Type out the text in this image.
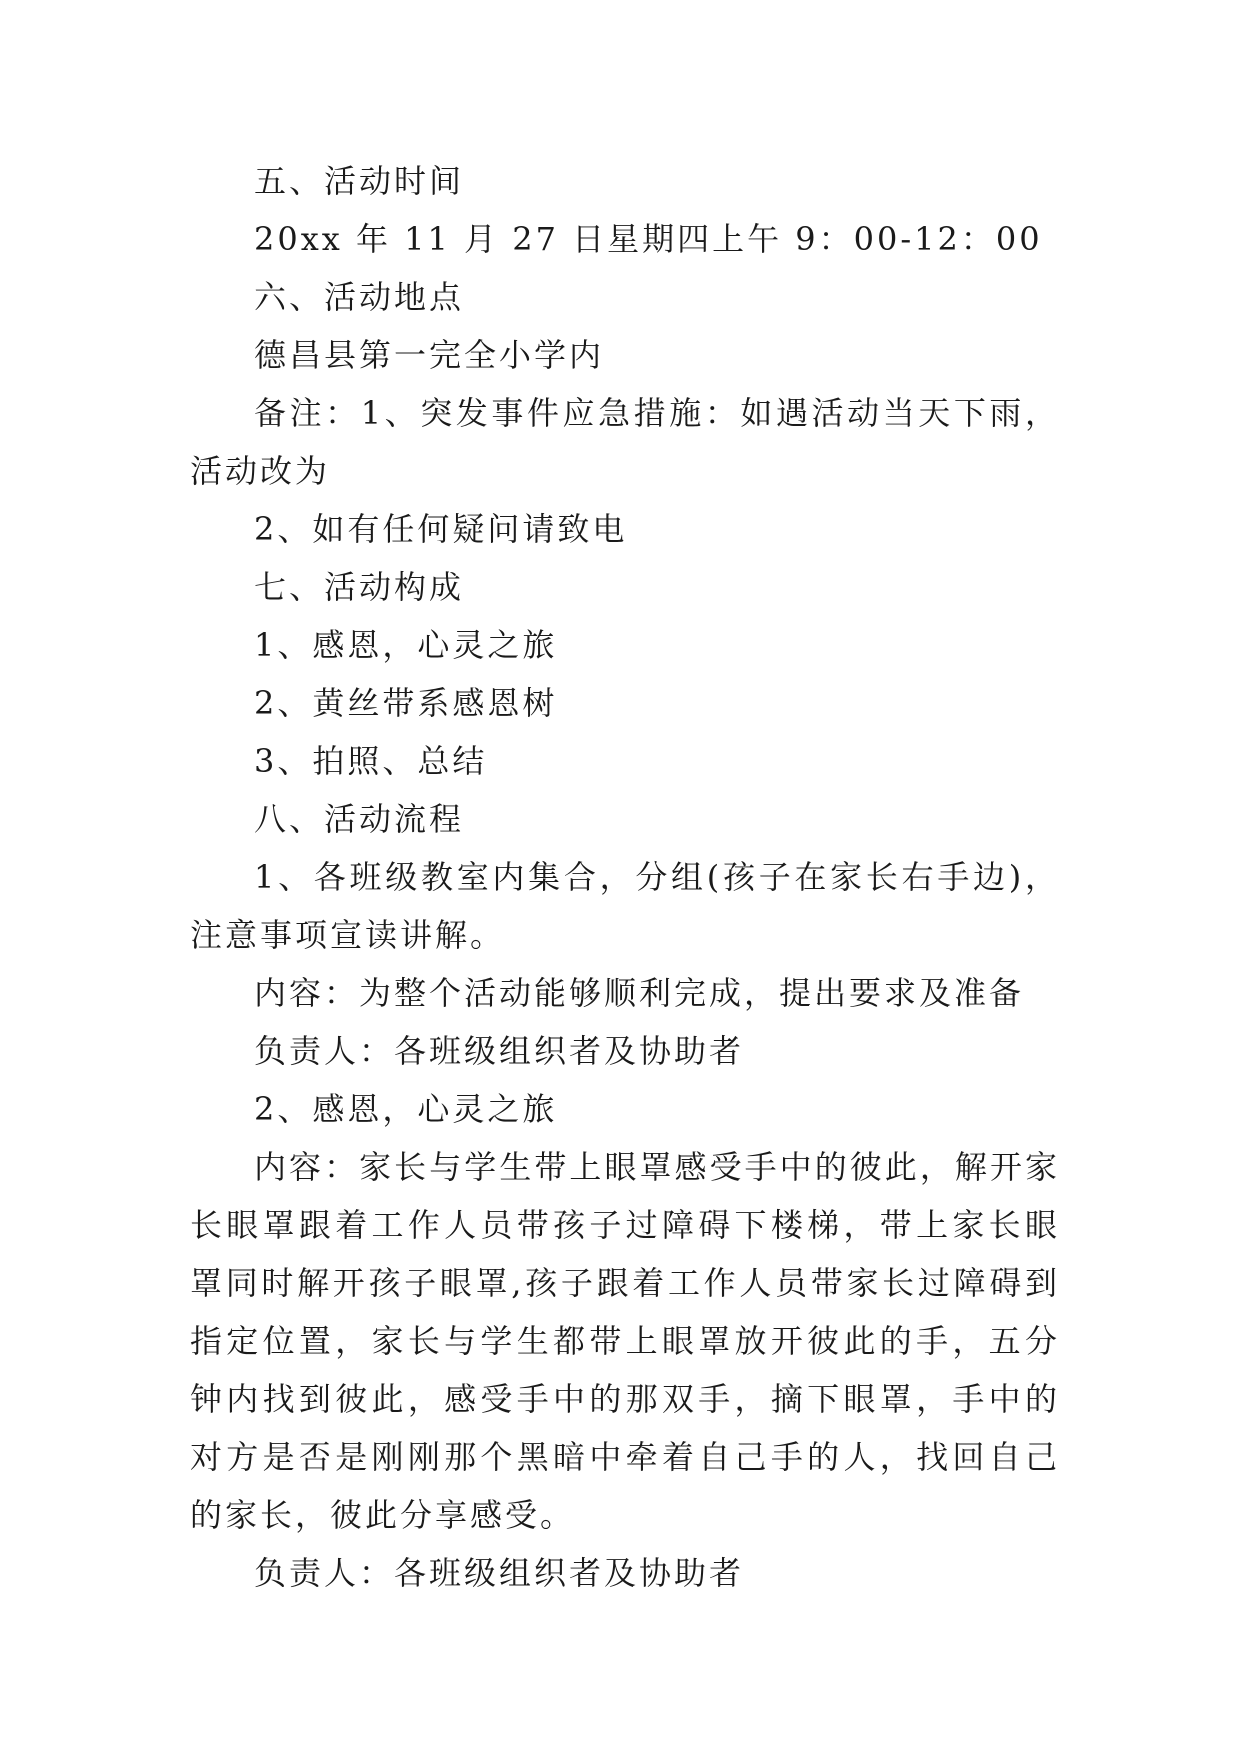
五、活动时间

20xx 年 11 月 27 日星期四上午 9：00-12：00

六、活动地点

德昌县第一完全小学内

备注：1、突发事件应急措施：如遇活动当天下雨，活动改为

2、如有任何疑问请致电

七、活动构成

1、感恩，心灵之旅

2、黄丝带系感恩树

3、拍照、总结

八、活动流程

1、各班级教室内集合，分组(孩子在家长右手边)，注意事项宣读讲解。

内容：为整个活动能够顺利完成，提出要求及准备

负责人：各班级组织者及协助者

2、感恩，心灵之旅

内容：家长与学生带上眼罩感受手中的彼此，解开家长眼罩跟着工作人员带孩子过障碍下楼梯，带上家长眼罩同时解开孩子眼罩,孩子跟着工作人员带家长过障碍到指定位置，家长与学生都带上眼罩放开彼此的手，五分钟内找到彼此，感受手中的那双手，摘下眼罩，手中的对方是否是刚刚那个黑暗中牵着自己手的人，找回自己的家长，彼此分享感受。

负责人：各班级组织者及协助者
